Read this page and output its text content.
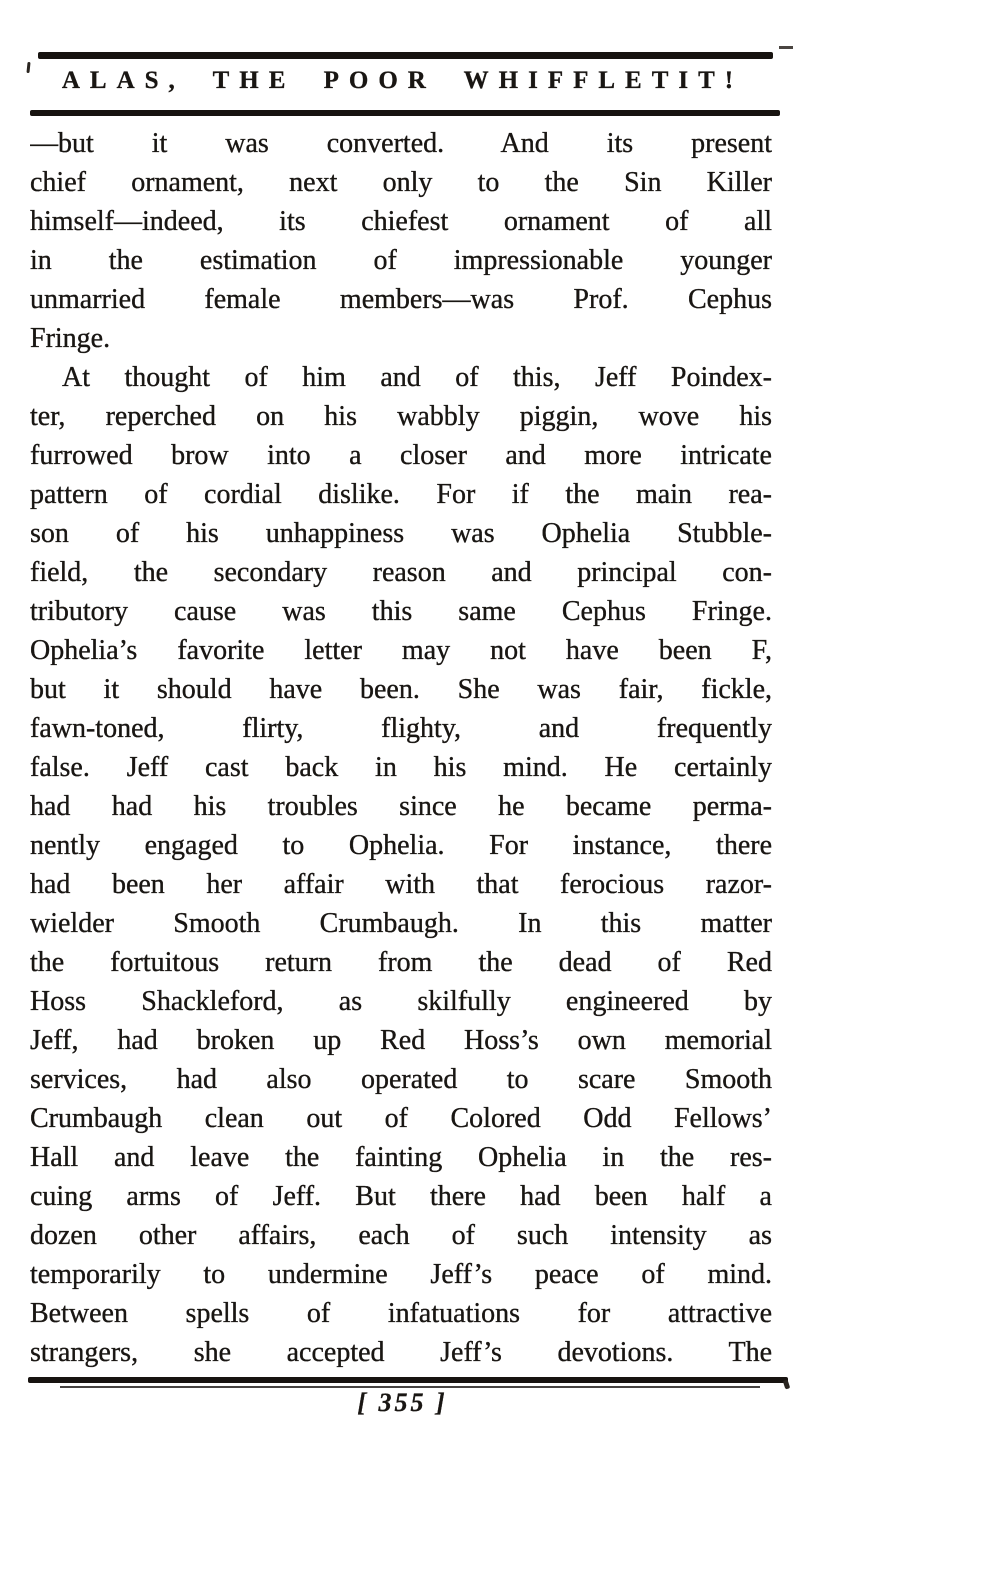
ALAS, THE POOR WHIFFLETIT!
—but it was converted. And its present
chief ornament, next only to the Sin Killer
himself—indeed, its chiefest ornament of all
in the estimation of impressionable younger
unmarried female members—was Prof. Cephus
Fringe.
At thought of him and of this, Jeff Poindex-
ter, reperched on his wabbly piggin, wove his
furrowed brow into a closer and more intricate
pattern of cordial dislike. For if the main rea-
son of his unhappiness was Ophelia Stubble-
field, the secondary reason and principal con-
tributory cause was this same Cephus Fringe.
Ophelia’s favorite letter may not have been F,
but it should have been. She was fair, fickle,
fawn-toned, flirty, flighty, and frequently
false. Jeff cast back in his mind. He certainly
had had his troubles since he became perma-
nently engaged to Ophelia. For instance, there
had been her affair with that ferocious razor-
wielder Smooth Crumbaugh. In this matter
the fortuitous return from the dead of Red
Hoss Shackleford, as skilfully engineered by
Jeff, had broken up Red Hoss’s own memorial
services, had also operated to scare Smooth
Crumbaugh clean out of Colored Odd Fellows’
Hall and leave the fainting Ophelia in the res-
cuing arms of Jeff. But there had been half a
dozen other affairs, each of such intensity as
temporarily to undermine Jeff’s peace of mind.
Between spells of infatuations for attractive
strangers, she accepted Jeff’s devotions. The
[ 355 ]
